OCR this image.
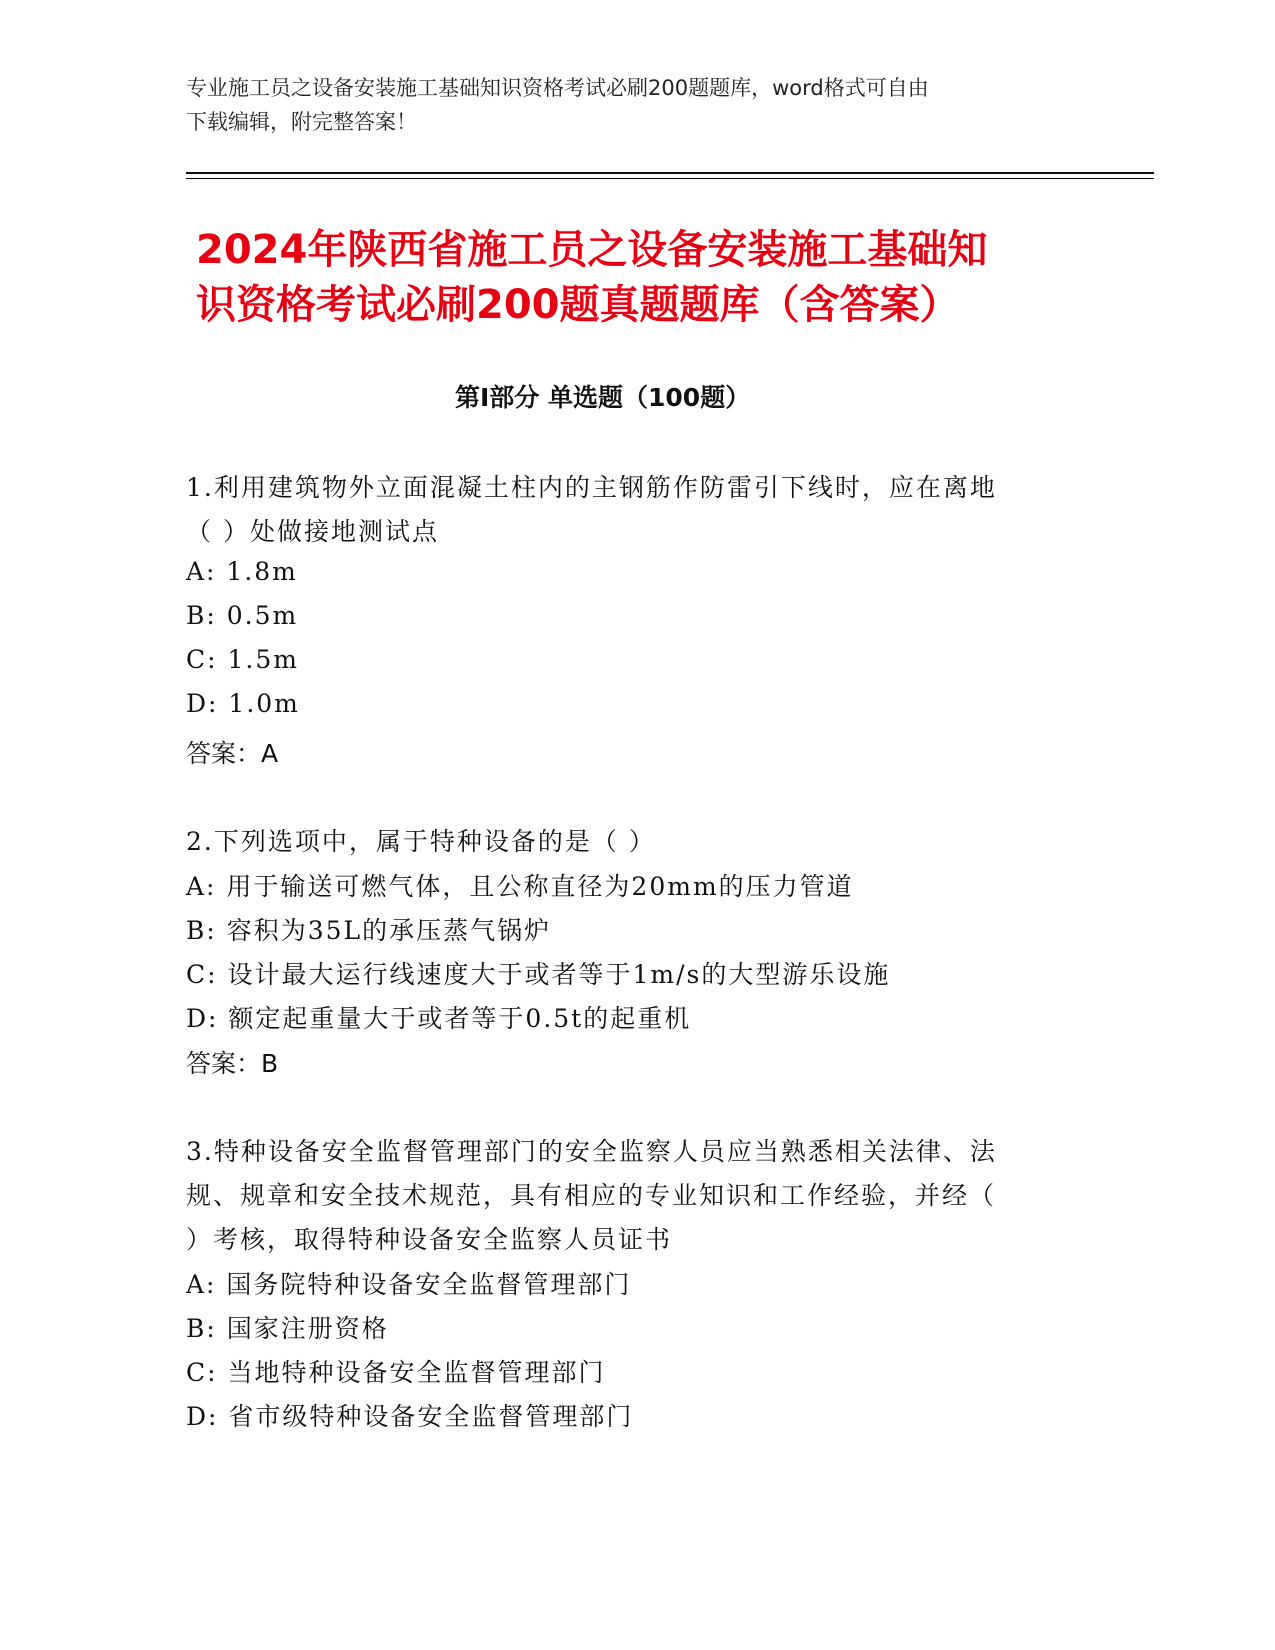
专业施工员之设备安装施工基础知识资格考试必刷200题题库，word格式可自由
下载编辑，附完整答案！
2024年陕西省施工员之设备安装施工基础知
识资格考试必刷200题真题题库（含答案）
第Ⅰ部分 单选题（100题）
1.利用建筑物外立面混凝土柱内的主钢筋作防雷引下线时，应在离地
（ ）处做接地测试点
A: 1.8m
B: 0.5m
C: 1.5m
D: 1.0m
答案：A
2.下列选项中，属于特种设备的是（ ）
A: 用于输送可燃气体，且公称直径为20mm的压力管道
B: 容积为35L的承压蒸气锅炉
C: 设计最大运行线速度大于或者等于1m/s的大型游乐设施
D: 额定起重量大于或者等于0.5t的起重机
答案：B
3.特种设备安全监督管理部门的安全监察人员应当熟悉相关法律、法
规、规章和安全技术规范，具有相应的专业知识和工作经验，并经（
）考核，取得特种设备安全监察人员证书
A: 国务院特种设备安全监督管理部门
B: 国家注册资格
C: 当地特种设备安全监督管理部门
D: 省市级特种设备安全监督管理部门
